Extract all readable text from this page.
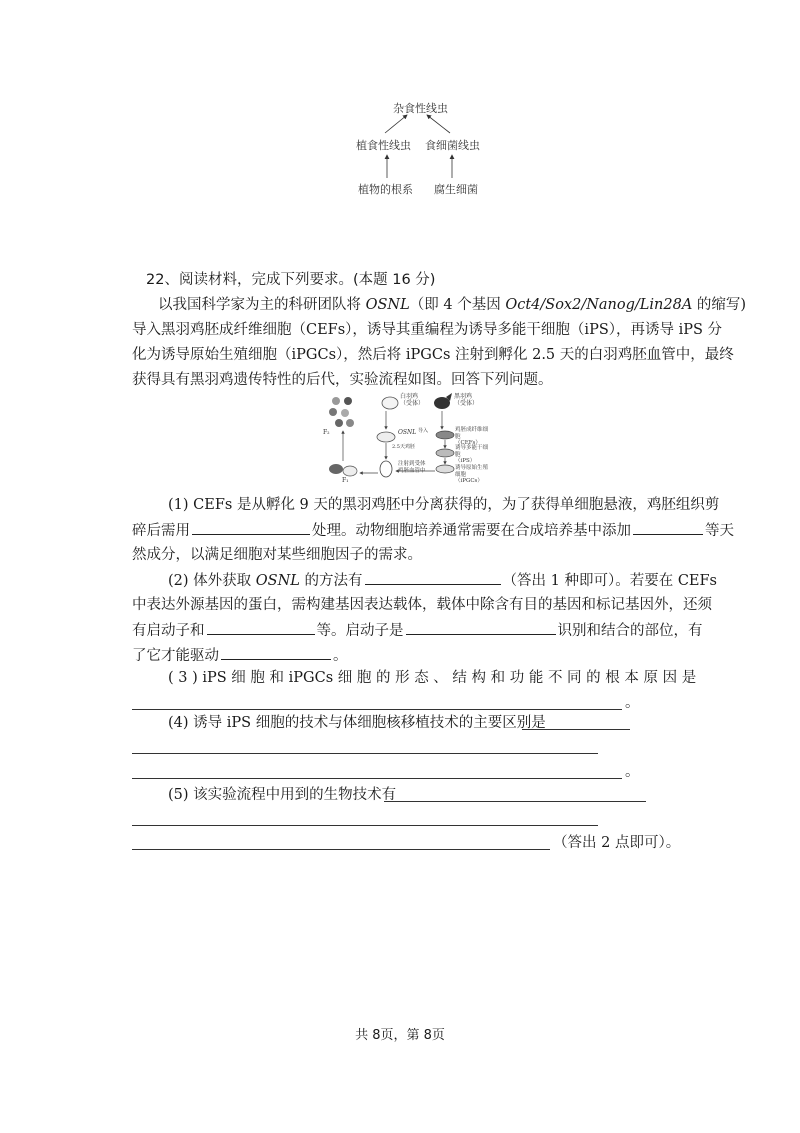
杂食性线虫
植食性线虫 食细菌线虫
植物的根系 腐生细菌
22、阅读材料，完成下列要求。(本题 16 分)
以我国科学家为主的科研团队将 OSNL（即 4 个基因 Oct4/Sox2/Nanog/Lin28A 的缩写)
导入黑羽鸡胚成纤维细胞（CEFs），诱导其重编程为诱导多能干细胞（iPS），再诱导 iPS 分
化为诱导原始生殖细胞（iPGCs），然后将 iPGCs 注射到孵化 2.5 天的白羽鸡胚血管中，最终
获得具有黑羽鸡遗传特性的后代，实验流程如图。回答下列问题。
白羽鸡
（受体）
黑羽鸡
（受体）
OSNL 导入	鸡胚成纤维细胞
（CEFs）
诱导多能干细胞
（iPS）
诱导原始生殖细胞
（iPGCs）
注射到受体
鸡胚血管中
2.5天鸡胚
F₁
F₂
(1) CEFs 是从孵化 9 天的黑羽鸡胚中分离获得的，为了获得单细胞悬液，鸡胚组织剪
碎后需用	处理。动物细胞培养通常需要在合成培养基中添加	等天
然成分，以满足细胞对某些细胞因子的需求。
(2) 体外获取 OSNL 的方法有	（答出 1 种即可）。若要在 CEFs
中表达外源基因的蛋白，需构建基因表达载体，载体中除含有目的基因和标记基因外，还须
有启动子和	等。启动子是	识别和结合的部位，有
了它才能驱动	。
( 3 ) iPS 细 胞 和 iPGCs 细 胞 的 形 态 、 结 构 和 功 能 不 同 的 根 本 原 因 是
。
(4) 诱导 iPS 细胞的技术与体细胞核移植技术的主要区别是
。
(5) 该实验流程中用到的生物技术有
（答出 2 点即可）。
共 8页，第 8页
